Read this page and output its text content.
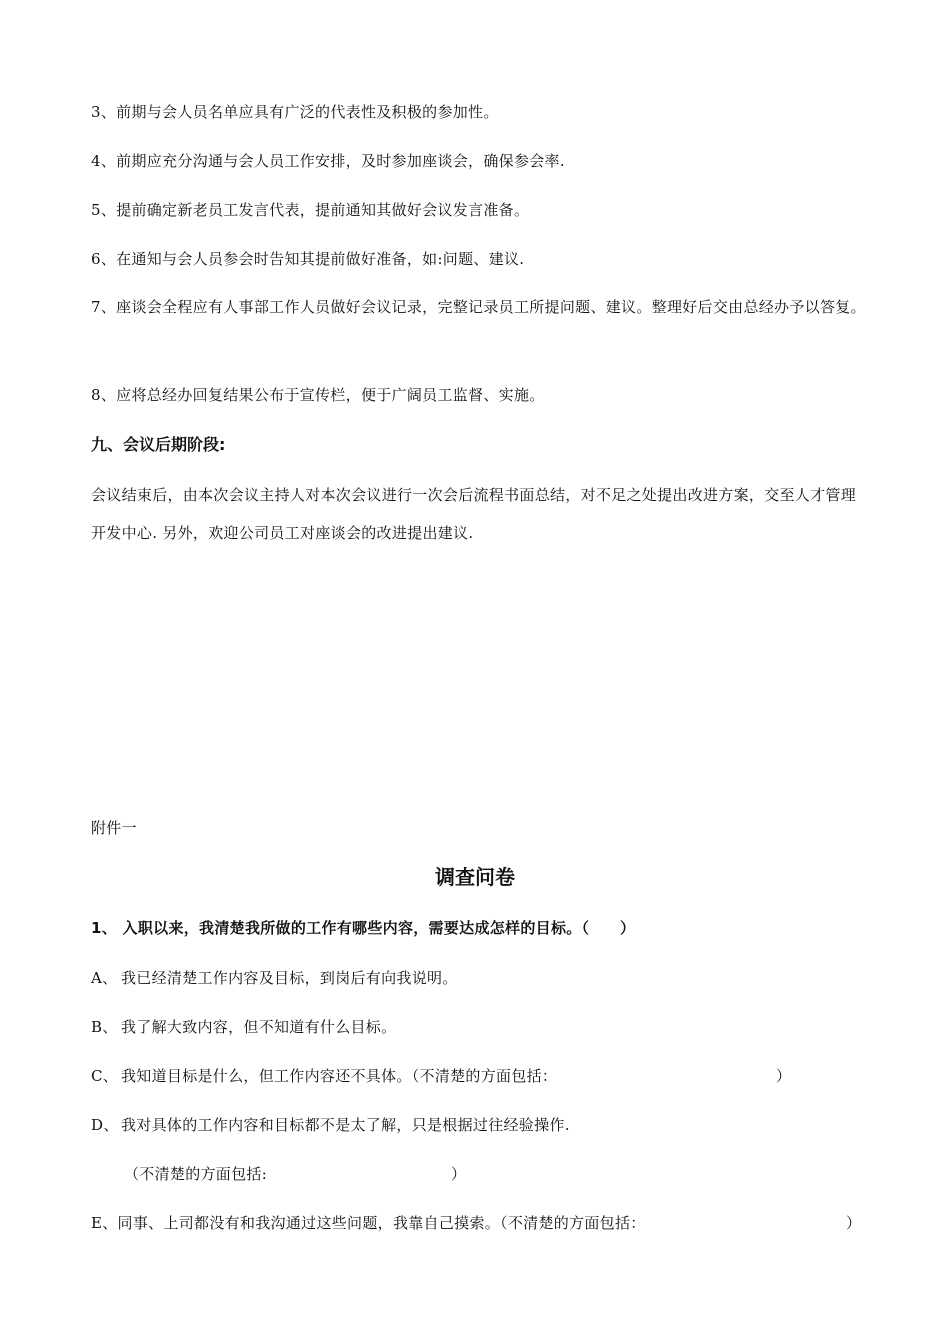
3、前期与会人员名单应具有广泛的代表性及积极的参加性。
4、前期应充分沟通与会人员工作安排，及时参加座谈会，确保参会率.
5、提前确定新老员工发言代表，提前通知其做好会议发言准备。
6、在通知与会人员参会时告知其提前做好准备，如:问题、建议.
7、座谈会全程应有人事部工作人员做好会议记录，完整记录员工所提问题、建议。整理好后交由总经办予以答复。
8、应将总经办回复结果公布于宣传栏，便于广阔员工监督、实施。
九、会议后期阶段:
会议结束后，由本次会议主持人对本次会议进行一次会后流程书面总结，对不足之处提出改进方案，交至人才管理开发中心. 另外，欢迎公司员工对座谈会的改进提出建议.
附件一
调查问卷
1、 入职以来，我清楚我所做的工作有哪些内容，需要达成怎样的目标。（　　）
A、 我已经清楚工作内容及目标，到岗后有向我说明。
B、 我了解大致内容，但不知道有什么目标。
C、 我知道目标是什么，但工作内容还不具体。（不清楚的方面包括：	）
D、 我对具体的工作内容和目标都不是太了解，只是根据过往经验操作.
（不清楚的方面包括:	）
E、同事、上司都没有和我沟通过这些问题，我靠自己摸索。（不清楚的方面包括：	）
